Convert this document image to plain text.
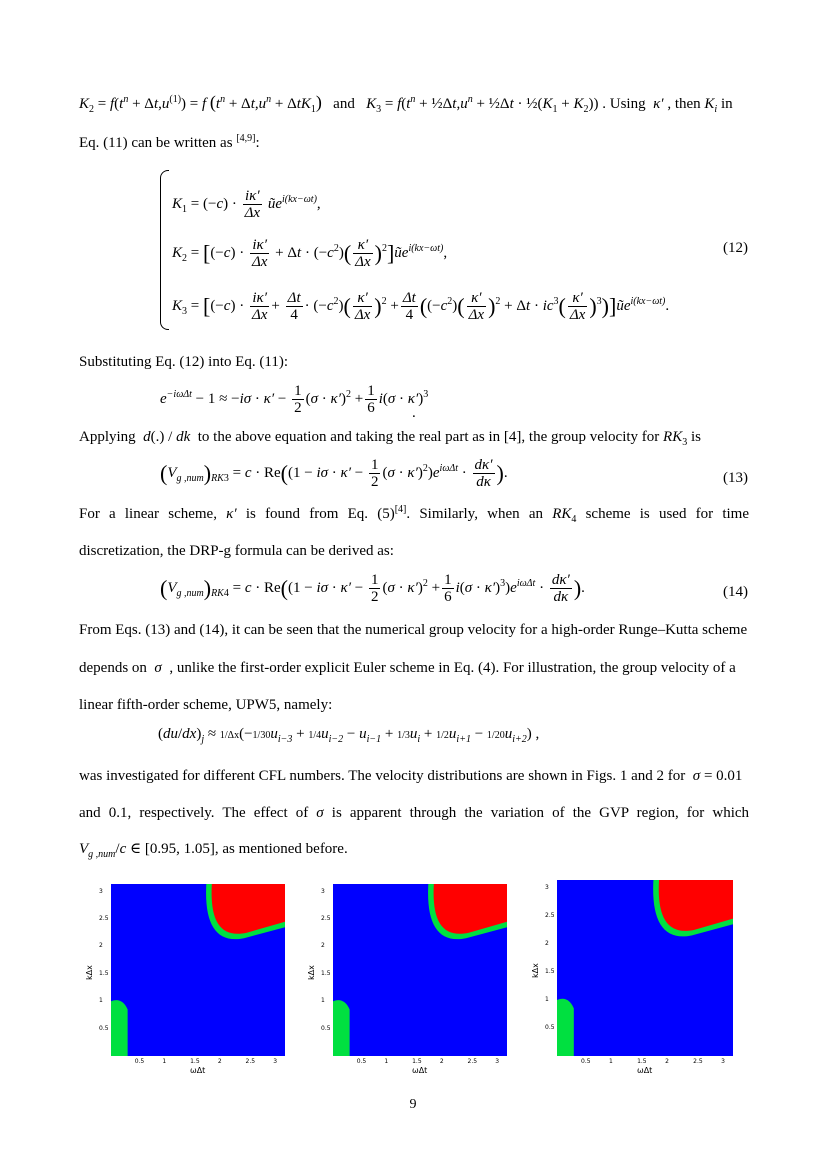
$K_2 = f(t^n + \Delta t,u^{(1)}) = f$ $(t^n + \Delta t,u^n + \Delta tK_1)$ and $K_3 = f(t^n$ + $\frac{1}{2}\Delta t,u^n$ + ½Δt · $\frac{1}{2}(K_1 + K_2)$) . Using κ′ , then $K_i$ in
Eq. (11) can be written as [4,9]:
$K_1 = (-c) \cdot \frac{i\kappa'}{\Delta x}$ $ũe^{i(kx-\omega t)}$,
$K_2 = [(-c) \cdot \frac{i\kappa'}{\Delta x} + \Delta t \cdot (-c^2)( \frac{\kappa'}{\Delta x}$ )$^2]ũe^{i(kx-\omega t)}$,
$K_3 = [(-c) \cdot \frac{i\kappa'}{\Delta x} + \frac{\Delta t}{4} \cdot (-c^2)( \frac{\kappa'}{\Delta x} )^2 + \frac{\Delta t}{4} ((-c^2)( \frac{\kappa'}{\Delta x} )^2 + \Delta t \cdot ic^3( \frac{\kappa'}{\Delta x}$ )$^3)]ũe^{i(kx-\omega t)}$.
(12)
Substituting Eq. (12) into Eq. (11):
$e^{-i\omega\Delta t} - 1 \approx -i\sigma \cdot \kappa' - \frac{1}{2} (\sigma \cdot \kappa')^2 + \frac{1}{6} i(\sigma \cdot \kappa')^3$
.
Applying d(.) / dk to the above equation and taking the real part as in [4], the group velocity for $RK_3$ is
$(V_{g ,num})_{RK3} = c \cdot Re((1 - i\sigma \cdot \kappa' - \frac{1}{2} (\sigma \cdot \kappa')^2)e^{i\omega\Delta t} \cdot \frac{d\kappa'}{d\kappa}$ ).	(13)
For a linear scheme, κ′ is found from Eq. (5)[4]. Similarly, when an $RK_4$ scheme is used for time
discretization, the DRP-g formula can be derived as:
$(V_{g ,num})_{RK4} = c \cdot Re((1 - i\sigma \cdot \kappa' - \frac{1}{2} (\sigma \cdot \kappa')^2 + \frac{1}{6} i(\sigma \cdot \kappa')^3)e^{i\omega\Delta t} \cdot \frac{d\kappa'}{d\kappa}$ ).	(14)
From Eqs. (13) and (14), it can be seen that the numerical group velocity for a high-order Runge–Kutta scheme
depends on σ , unlike the first-order explicit Euler scheme in Eq. (4). For illustration, the group velocity of a
linear fifth-order scheme, UPW5, namely:
$(du/dx)_j \approx 1/\Delta x(-1/30u_{i-3} + 1/4u_{i-2} - u_{i-1} + 1/3u_i + 1/2u_{i+1} - 1/20u_{i+2})$ ,
was investigated for different CFL numbers. The velocity distributions are shown in Figs. 1 and 2 for σ = 0.01
and 0.1, respectively. The effect of σ is apparent through the variation of the GVP region, for which
$V_{g ,num}/c$ ∈ [0.95, 1.05], as mentioned before.
0.5	1	1.5	2	2.5	3
0.5
1
1.5
2
2.5
3
ωΔt
kΔx
0.5	1	1.5	2	2.5	3
0.5
1
1.5
2
2.5
3
ωΔt
kΔx
0.5	1	1.5	2	2.5	3
0.5
1
1.5
2
2.5
3
ωΔt
kΔx
9
